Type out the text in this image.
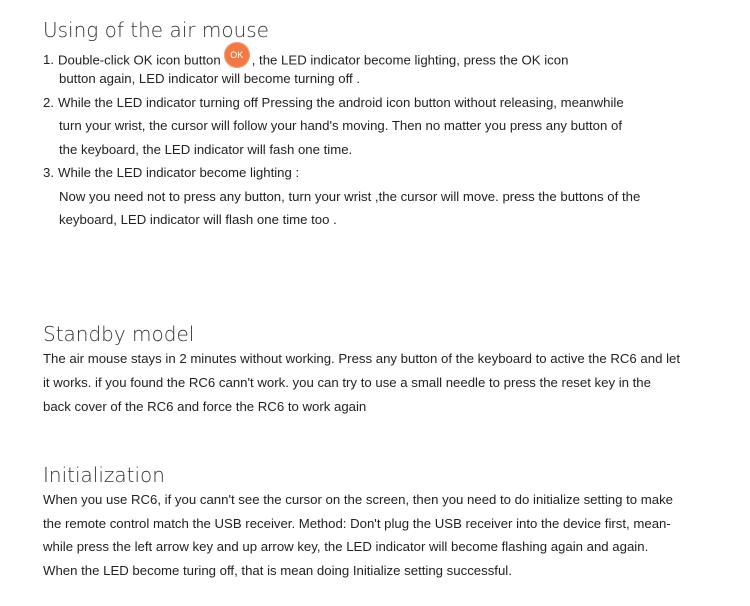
Using of the air mouse
1. Double-click OK icon button OK , the LED indicator become lighting, press the OK icon
button again, LED indicator will become turning off .
2. While the LED indicator turning off Pressing the android icon button without releasing, meanwhile
turn your wrist, the cursor will follow your hand's moving. Then no matter you press any button of
the keyboard, the LED indicator will fash one time.
3. While the LED indicator become lighting :
Now you need not to press any button, turn your wrist ,the cursor will move. press the buttons of the
keyboard, LED indicator will flash one time too .
Standby model
The air mouse stays in 2 minutes without working. Press any button of the keyboard to active the RC6 and let
it works. if you found the RC6 cann't work. you can try to use a small needle to press the reset key in the
back cover of the RC6 and force the RC6 to work again
Initialization
When you use RC6, if you cann't see the cursor on the screen, then you need to do initialize setting to make
the remote control match the USB receiver. Method: Don't plug the USB receiver into the device first, mean-
while press the left arrow key and up arrow key, the LED indicator will become flashing again and again.
When the LED become turing off, that is mean doing Initialize setting successful.
